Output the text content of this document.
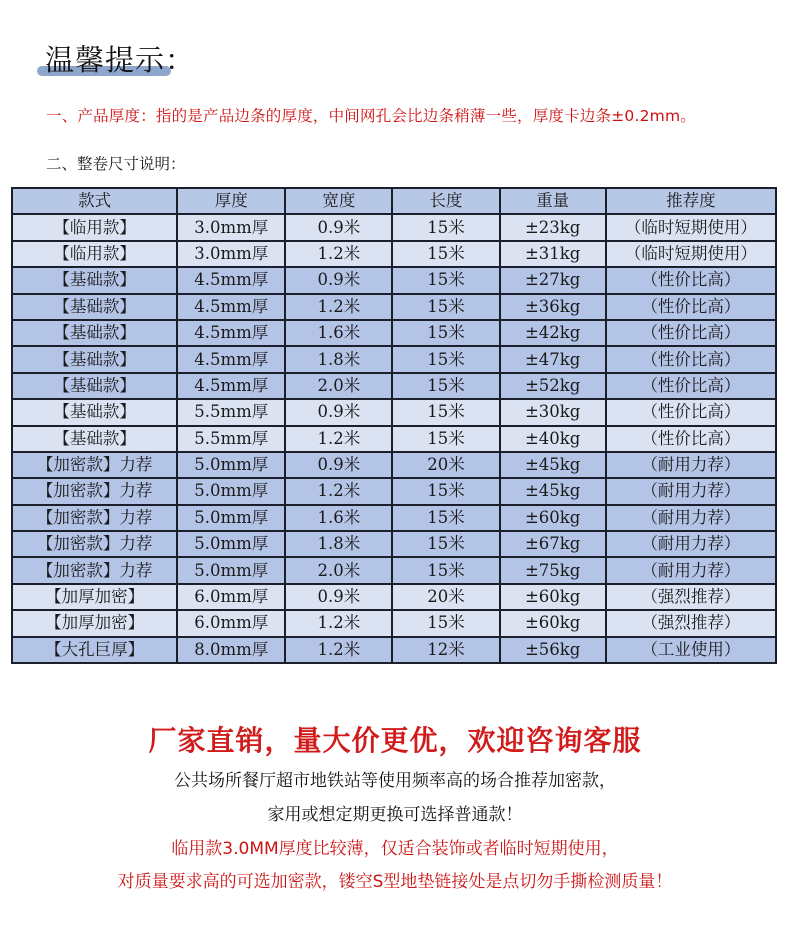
温馨提示：
一、产品厚度：指的是产品边条的厚度，中间网孔会比边条稍薄一些，厚度卡边条±0.2mm。
二、整卷尺寸说明：
款式	厚度	宽度	长度	重量	推荐度
【临用款】	3.0mm厚	0.9米	15米	±23kg	（临时短期使用）
【临用款】	3.0mm厚	1.2米	15米	±31kg	（临时短期使用）
【基础款】	4.5mm厚	0.9米	15米	±27kg	（性价比高）
【基础款】	4.5mm厚	1.2米	15米	±36kg	（性价比高）
【基础款】	4.5mm厚	1.6米	15米	±42kg	（性价比高）
【基础款】	4.5mm厚	1.8米	15米	±47kg	（性价比高）
【基础款】	4.5mm厚	2.0米	15米	±52kg	（性价比高）
【基础款】	5.5mm厚	0.9米	15米	±30kg	（性价比高）
【基础款】	5.5mm厚	1.2米	15米	±40kg	（性价比高）
【加密款】力荐	5.0mm厚	0.9米	20米	±45kg	（耐用力荐）
【加密款】力荐	5.0mm厚	1.2米	15米	±45kg	（耐用力荐）
【加密款】力荐	5.0mm厚	1.6米	15米	±60kg	（耐用力荐）
【加密款】力荐	5.0mm厚	1.8米	15米	±67kg	（耐用力荐）
【加密款】力荐	5.0mm厚	2.0米	15米	±75kg	（耐用力荐）
【加厚加密】	6.0mm厚	0.9米	20米	±60kg	（强烈推荐）
【加厚加密】	6.0mm厚	1.2米	15米	±60kg	（强烈推荐）
【大孔巨厚】	8.0mm厚	1.2米	12米	±56kg	（工业使用）
厂家直销，量大价更优，欢迎咨询客服
公共场所餐厅超市地铁站等使用频率高的场合推荐加密款，
家用或想定期更换可选择普通款！
临用款3.0MM厚度比较薄，仅适合装饰或者临时短期使用，
对质量要求高的可选加密款，镂空S型地垫链接处是点切勿手撕检测质量！
